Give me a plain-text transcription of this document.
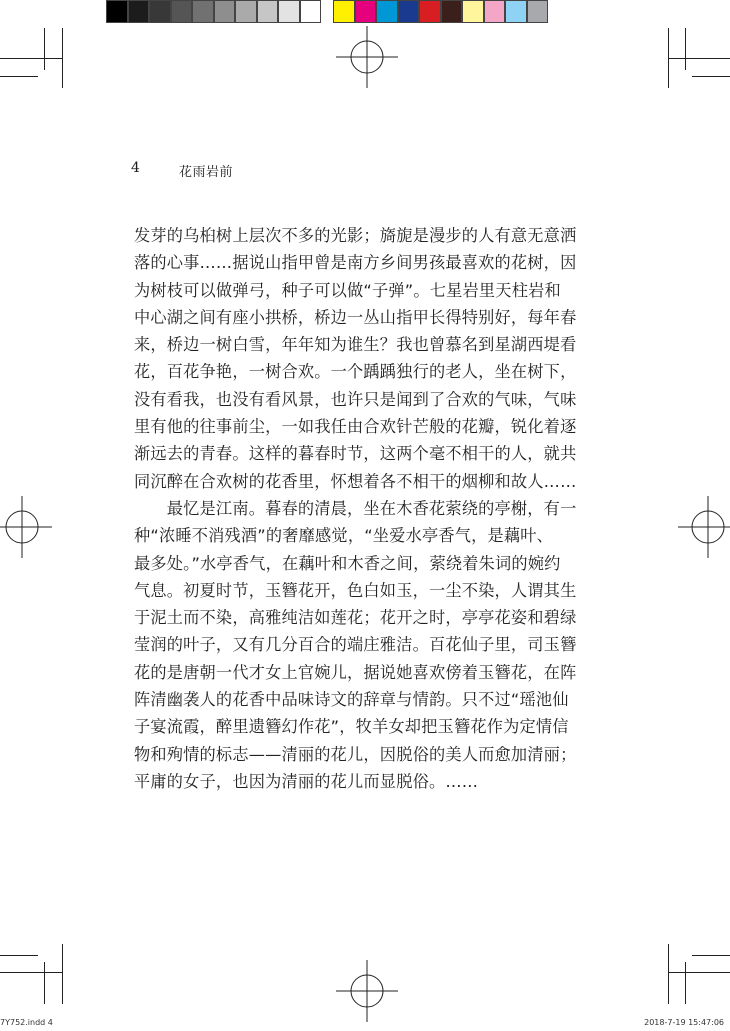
4	花雨岩前
发芽的乌桕树上层次不多的光影；旖旎是漫步的人有意无意洒
落的心事……据说山指甲曾是南方乡间男孩最喜欢的花树，因
为树枝可以做弹弓，种子可以做“子弹”。七星岩里天柱岩和
中心湖之间有座小拱桥，桥边一丛山指甲长得特别好，每年春
来，桥边一树白雪，年年知为谁生？我也曾慕名到星湖西堤看
花，百花争艳，一树合欢。一个踽踽独行的老人，坐在树下，
没有看我，也没有看风景，也许只是闻到了合欢的气味，气味
里有他的往事前尘，一如我任由合欢针芒般的花瓣，锐化着逐
渐远去的青春。这样的暮春时节，这两个毫不相干的人，就共
同沉醉在合欢树的花香里，怀想着各不相干的烟柳和故人……
　　最忆是江南。暮春的清晨，坐在木香花萦绕的亭榭，有一
种“浓睡不消残酒”的奢靡感觉，“坐爱水亭香气，是藕叶、
最多处。”水亭香气，在藕叶和木香之间，萦绕着朱词的婉约
气息。初夏时节，玉簪花开，色白如玉，一尘不染，人谓其生
于泥土而不染，高雅纯洁如莲花；花开之时，亭亭花姿和碧绿
莹润的叶子，又有几分百合的端庄雅洁。百花仙子里，司玉簪
花的是唐朝一代才女上官婉儿，据说她喜欢傍着玉簪花，在阵
阵清幽袭人的花香中品味诗文的辞章与情韵。只不过“瑶池仙
子宴流霞，醉里遗簪幻作花”，牧羊女却把玉簪花作为定情信
物和殉情的标志——清丽的花儿，因脱俗的美人而愈加清丽；
平庸的女子，也因为清丽的花儿而显脱俗。……
7Y752.indd 4	2018-7-19 15:47:06
